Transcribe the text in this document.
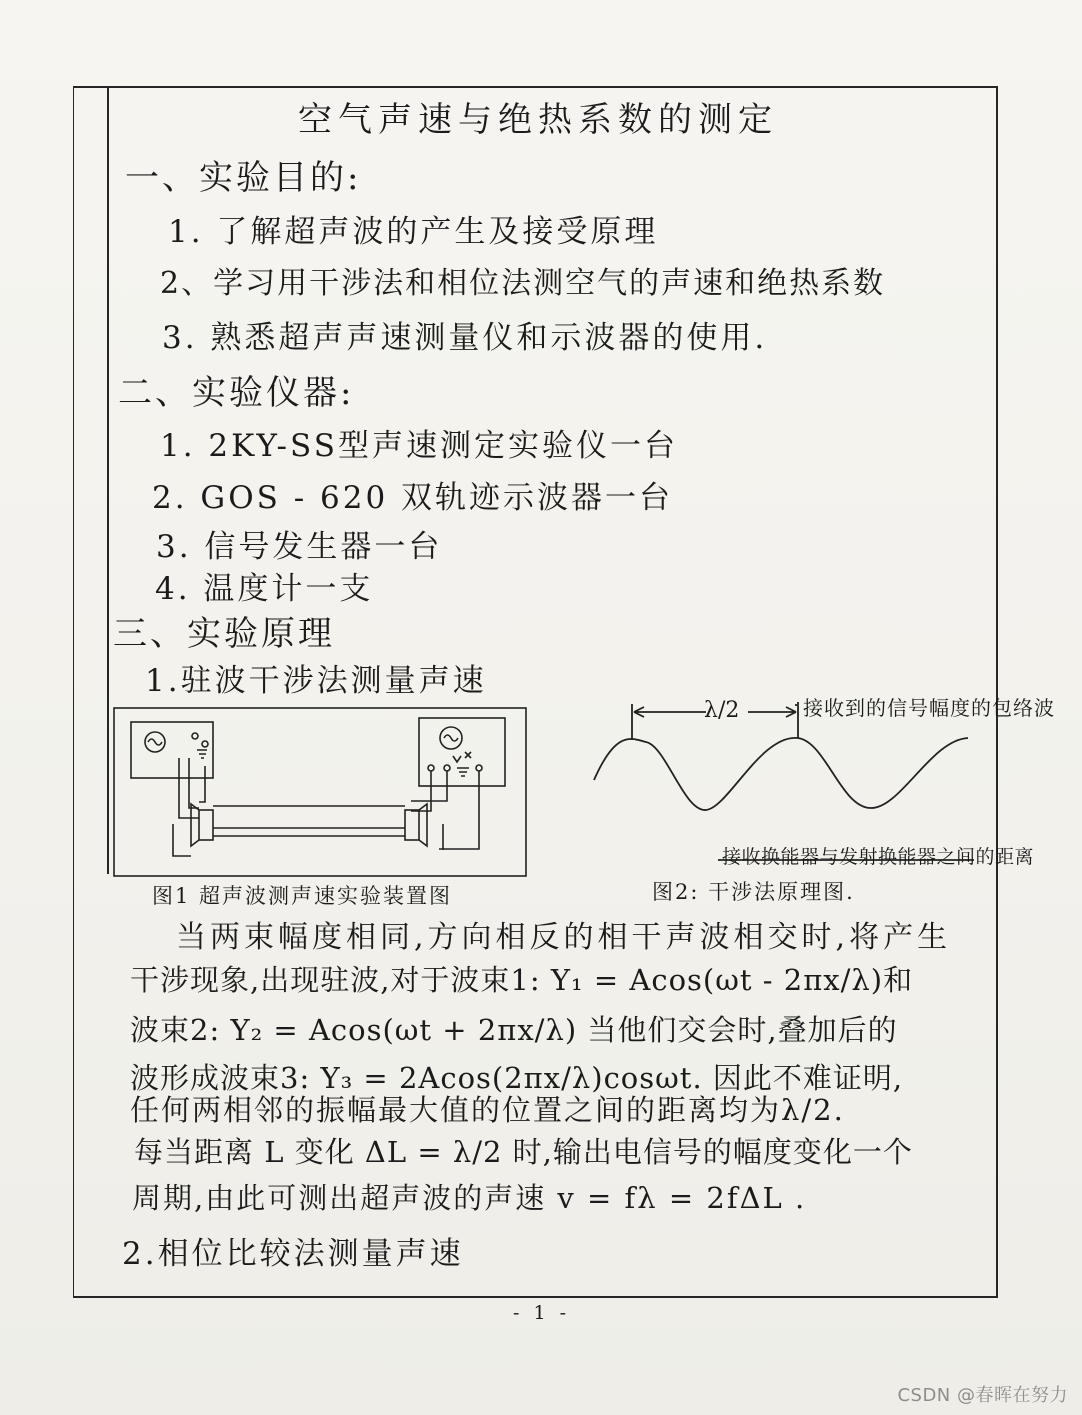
空气声速与绝热系数的测定
一、实验目的:
1. 了解超声波的产生及接受原理
2、学习用干涉法和相位法测空气的声速和绝热系数
3. 熟悉超声声速测量仪和示波器的使用.
二、实验仪器:
1. 2KY-SS型声速测定实验仪一台
2. GOS - 620 双轨迹示波器一台
3. 信号发生器一台
4. 温度计一支
三、实验原理
1.驻波干涉法测量声速
图1 超声波测声速实验装置图
λ/2	接收到的信号幅度的包络波
接收换能器与发射换能器之间的距离
图2: 干涉法原理图.
当两束幅度相同,方向相反的相干声波相交时,将产生
干涉现象,出现驻波,对于波束1: Y₁ = Acos(ωt - 2πx/λ)和
波束2: Y₂ = Acos(ωt + 2πx/λ) 当他们交会时,叠加后的
波形成波束3: Y₃ = 2Acos(2πx/λ)cosωt. 因此不难证明,
任何两相邻的振幅最大值的位置之间的距离均为λ/2.
每当距离 L 变化 ΔL = λ/2 时,输出电信号的幅度变化一个
周期,由此可测出超声波的声速 v = fλ = 2fΔL .
2.相位比较法测量声速
- 1 -
CSDN @春晖在努力
